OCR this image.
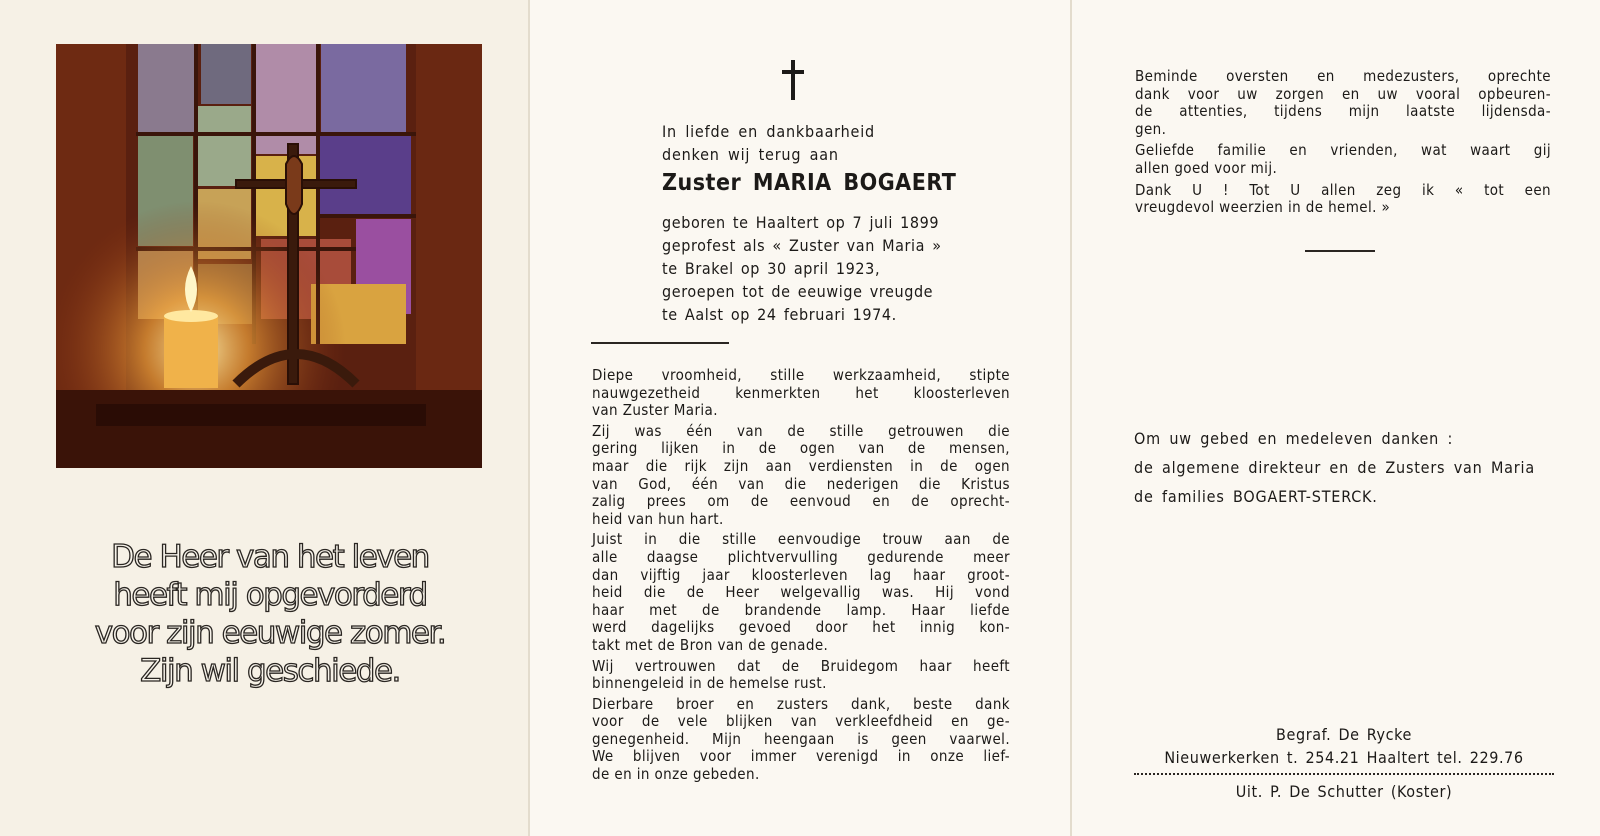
De Heer van het leven
heeft mij opgevorderd
voor zijn eeuwige zomer.
Zijn wil geschiede.
In liefde en dankbaarheid
denken wij terug aan
Zuster MARIA BOGAERT
geboren te Haaltert op 7 juli 1899
geprofest als « Zuster van Maria »
te Brakel op 30 april 1923,
geroepen tot de eeuwige vreugde
te Aalst op 24 februari 1974.

Diepe vroomheid, stille werkzaamheid, stipte
nauwgezetheid kenmerkten het kloosterleven
van Zuster Maria.

Zij was één van de stille getrouwen die
gering lijken in de ogen van de mensen,
maar die rijk zijn aan verdiensten in de ogen
van God, één van die nederigen die Kristus
zalig prees om de eenvoud en de oprecht-
heid van hun hart.

Juist in die stille eenvoudige trouw aan de
alle daagse plichtvervulling gedurende meer
dan vijftig jaar kloosterleven lag haar groot-
heid die de Heer welgevallig was. Hij vond
haar met de brandende lamp. Haar liefde
werd dagelijks gevoed door het innig kon-
takt met de Bron van de genade.

Wij vertrouwen dat de Bruidegom haar heeft
binnengeleid in de hemelse rust.

Dierbare broer en zusters dank, beste dank
voor de vele blijken van verkleefdheid en ge-
genegenheid. Mijn heengaan is geen vaarwel.
We blijven voor immer verenigd in onze lief-
de en in onze gebeden.

Beminde oversten en medezusters, oprechte
dank voor uw zorgen en uw vooral opbeuren-
de attenties, tijdens mijn laatste lijdensda-
gen.

Geliefde familie en vrienden, wat waart gij
allen goed voor mij.

Dank U ! Tot U allen zeg ik « tot een
vreugdevol weerzien in de hemel. »

Om uw gebed en medeleven danken :

de algemene direkteur en de Zusters van Maria

de families BOGAERT-STERCK.

Begraf. De Rycke
Nieuwerkerken t. 254.21 Haaltert tel. 229.76
Uit. P. De Schutter (Koster)
